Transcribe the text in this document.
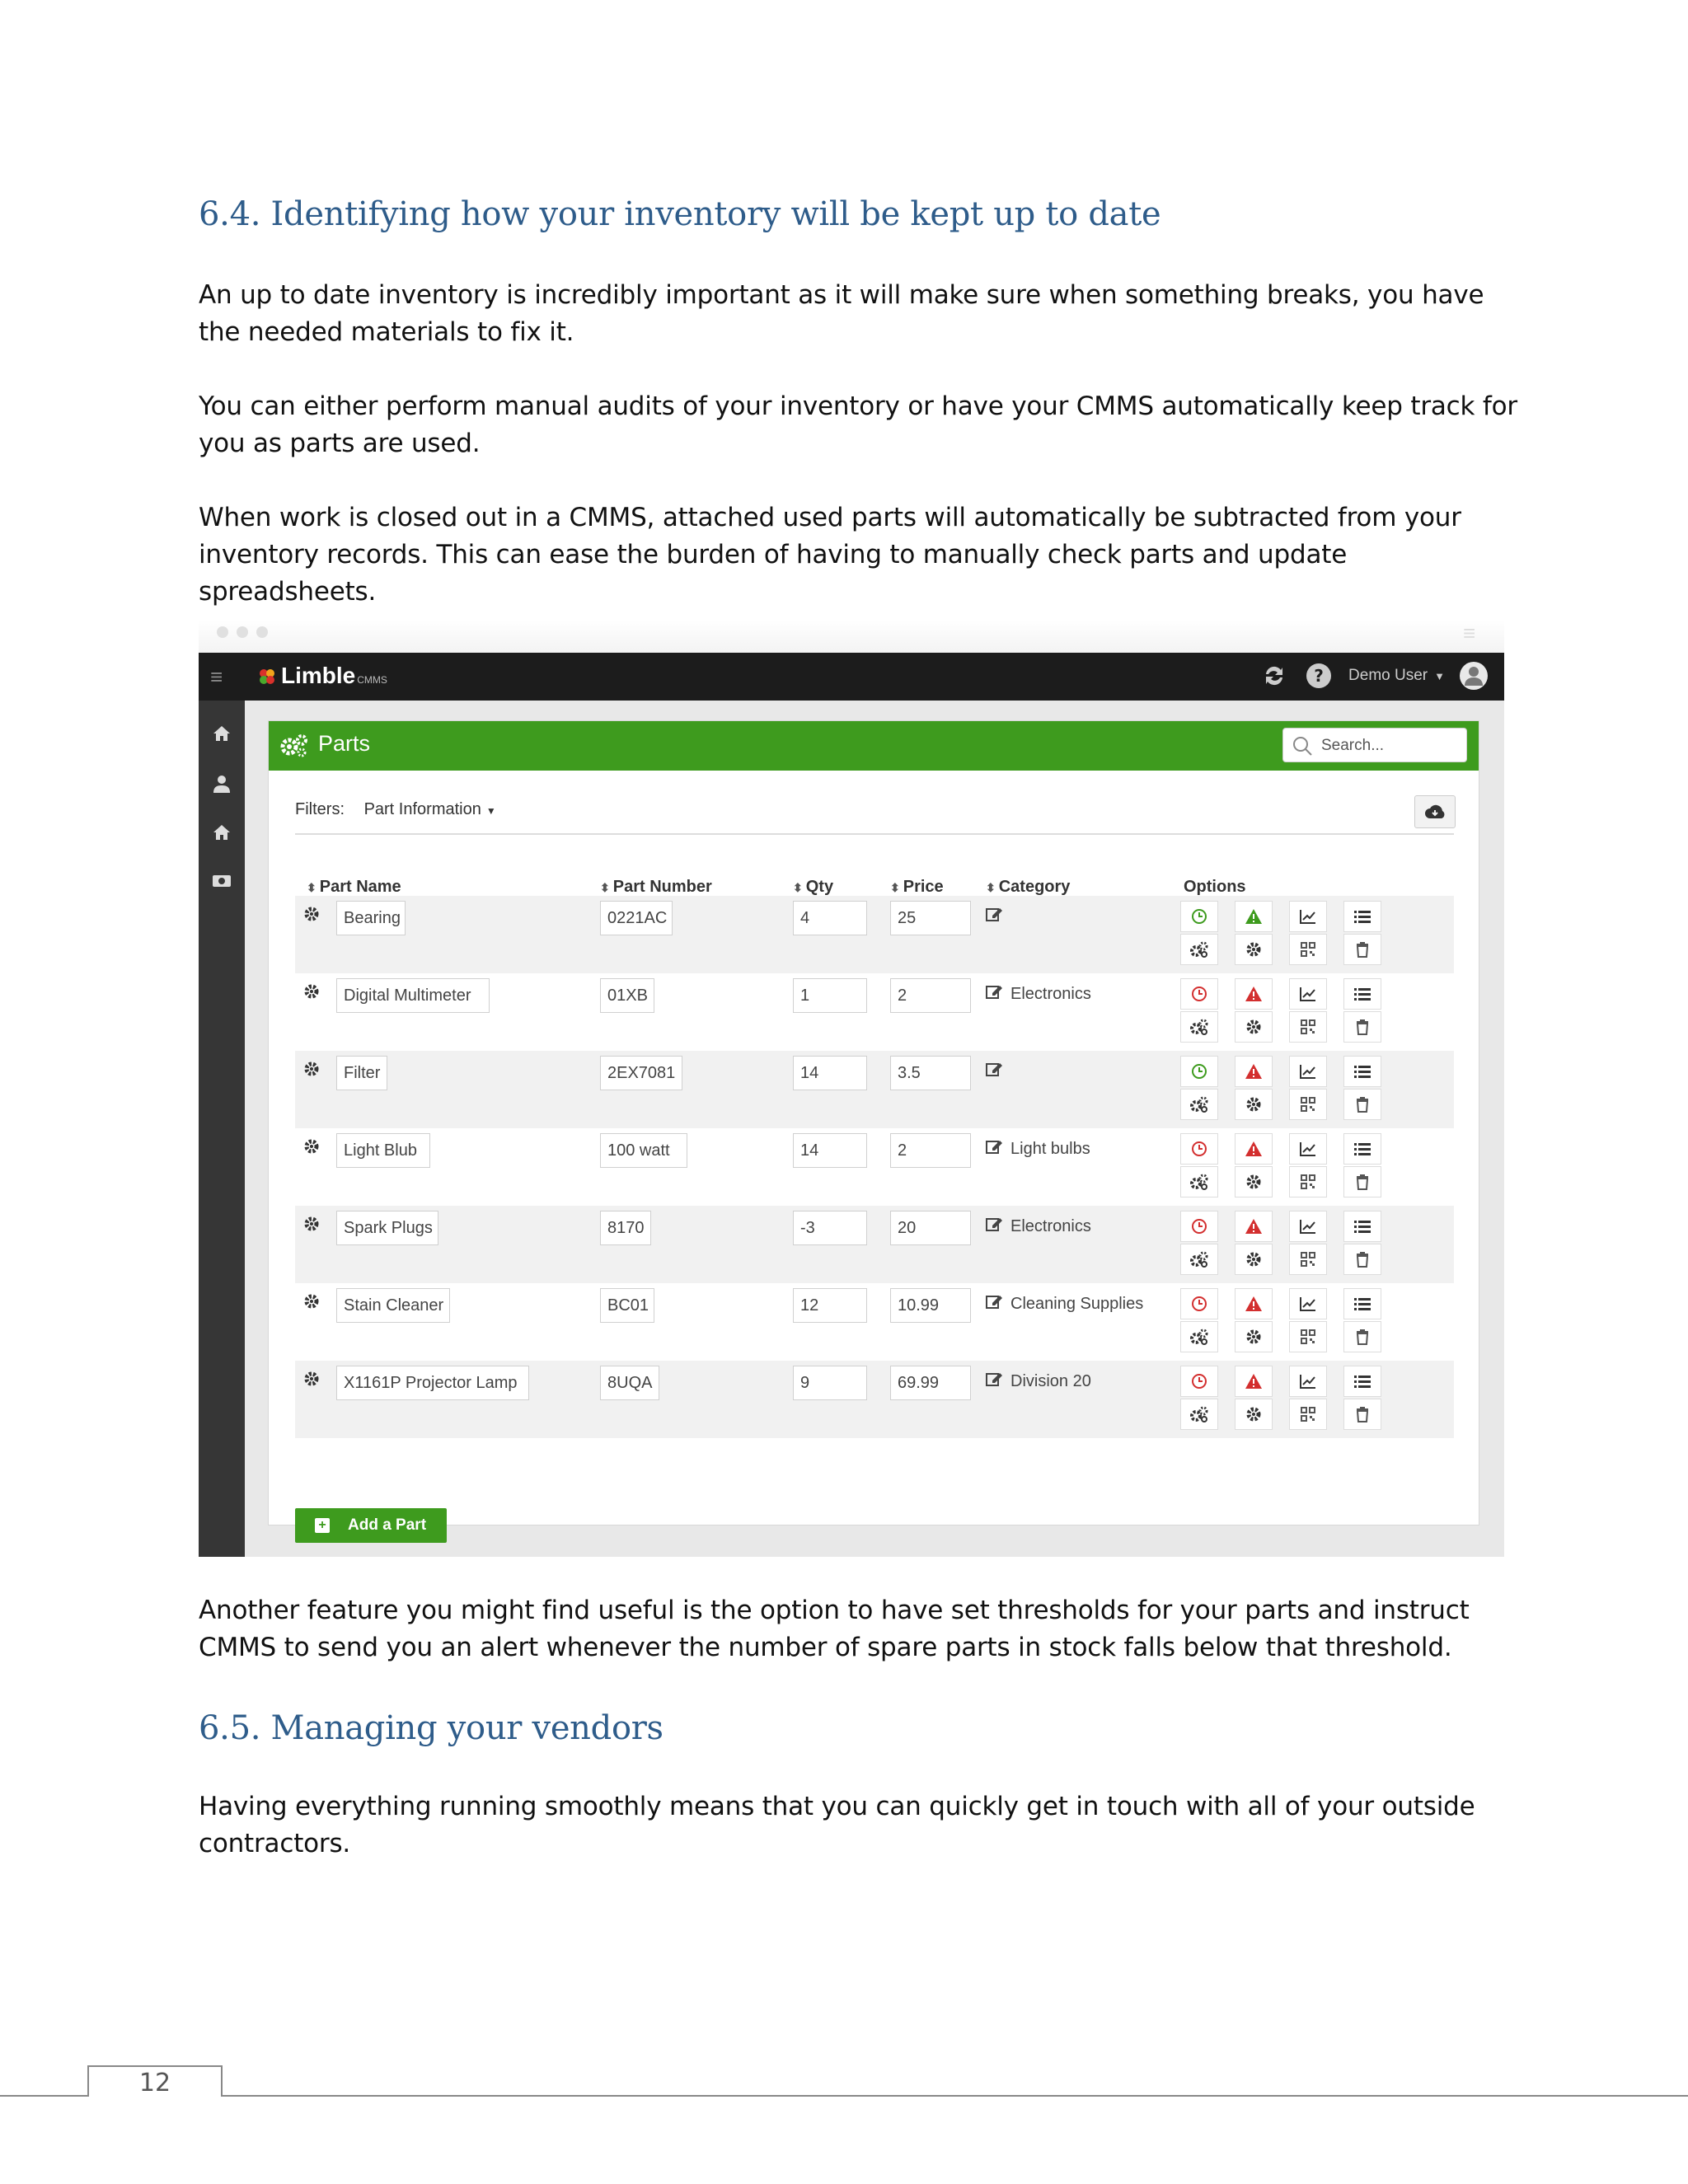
6.4. Identifying how your inventory will be kept up to date

An up to date inventory is incredibly important as it will make sure when something breaks, you have the needed materials to fix it.

You can either perform manual audits of your inventory or have your CMMS automatically keep track for you as parts are used.

When work is closed out in a CMMS, attached used parts will automatically be subtracted from your inventory records. This can ease the burden of having to manually check parts and update spreadsheets.

≡
≡	Limble CMMS	? Demo User ▼
Parts	Search...
Filters: Part Information ▼
⬍ Part Name	⬍ Part Number	⬍ Qty	⬍ Price	⬍ Category	Options
Bearing	0221AC	4	25
Digital Multimeter	01XB	1	2	Electronics
Filter	2EX7081	14	3.5
Light Blub	100 watt	14	2	Light bulbs
Spark Plugs	8170	-3	20	Electronics
Stain Cleaner	BC01	12	10.99	Cleaning Supplies
X1161P Projector Lamp	8UQA	9	69.99	Division 20
+ Add a Part

Another feature you might find useful is the option to have set thresholds for your parts and instruct CMMS to send you an alert whenever the number of spare parts in stock falls below that threshold.

6.5. Managing your vendors

Having everything running smoothly means that you can quickly get in touch with all of your outside contractors.

12
